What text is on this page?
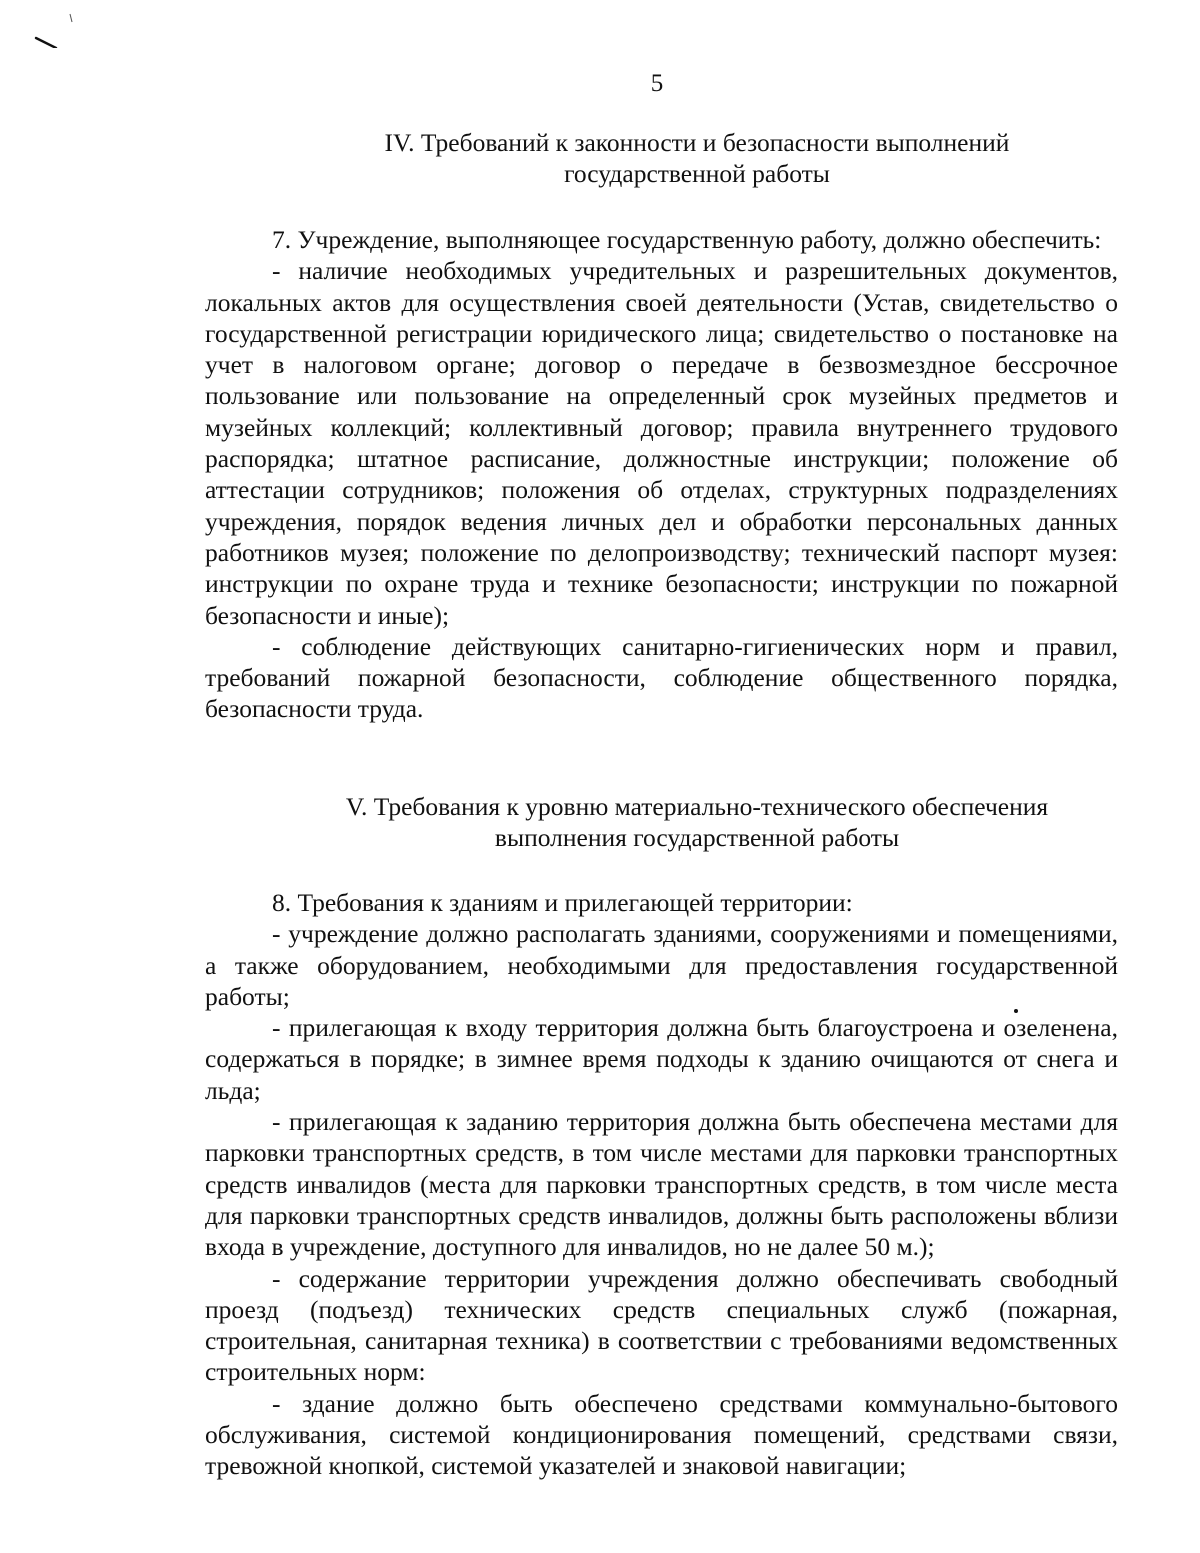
5
IV. Требований к законности и безопасности выполнений
государственной работы

7. Учреждение, выполняющее государственную работу, должно обеспечить:

- наличие необходимых учредительных и разрешительных документов, локальных актов для осуществления своей деятельности (Устав, свидетельство о государственной регистрации юридического лица; свидетельство о постановке на учет в налоговом органе; договор о передаче в безвозмездное бессрочное пользование или пользование на определенный срок музейных предметов и музейных коллекций; коллективный договор; правила внутреннего трудового распорядка; штатное расписание, должностные инструкции; положение об аттестации сотрудников; положения об отделах, структурных подразделениях учреждения, порядок ведения личных дел и обработки персональных данных работников музея; положение по делопроизводству; технический паспорт музея: инструкции по охране труда и технике безопасности; инструкции по пожарной безопасности и иные);

- соблюдение действующих санитарно-гигиенических норм и правил, требований пожарной безопасности, соблюдение общественного порядка, безопасности труда.

V. Требования к уровню материально-технического обеспечения
выполнения государственной работы

8. Требования к зданиям и прилегающей территории:

- учреждение должно располагать зданиями, сооружениями и помещениями, а также оборудованием, необходимыми для предоставления государственной работы;

- прилегающая к входу территория должна быть благоустроена и озеленена, содержаться в порядке; в зимнее время подходы к зданию очищаются от снега и льда;

- прилегающая к заданию территория должна быть обеспечена местами для парковки транспортных средств, в том числе местами для парковки транспортных средств инвалидов (места для парковки транспортных средств, в том числе места для парковки транспортных средств инвалидов, должны быть расположены вблизи входа в учреждение, доступного для инвалидов, но не далее 50 м.);

- содержание территории учреждения должно обеспечивать свободный проезд (подъезд) технических средств специальных служб (пожарная, строительная, санитарная техника) в соответствии с требованиями ведомственных строительных норм:

- здание должно быть обеспечено средствами коммунально-бытового обслуживания, системой кондиционирования помещений, средствами связи, тревожной кнопкой, системой указателей и знаковой навигации;
